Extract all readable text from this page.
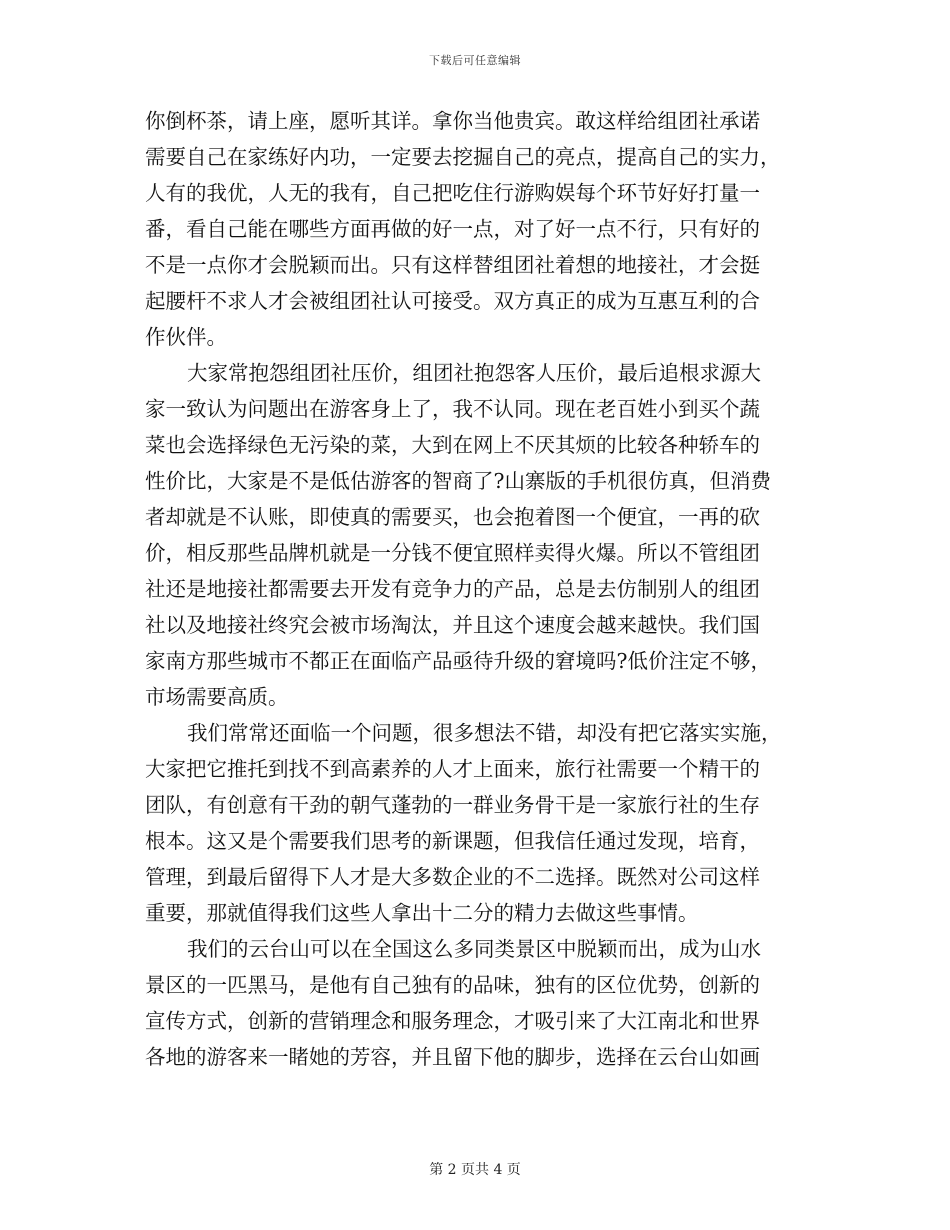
下载后可任意编辑
你倒杯茶，请上座，愿听其详。拿你当他贵宾。敢这样给组团社承诺
需要自己在家练好内功，一定要去挖掘自己的亮点，提高自己的实力，
人有的我优，人无的我有，自己把吃住行游购娱每个环节好好打量一
番，看自己能在哪些方面再做的好一点，对了好一点不行，只有好的
不是一点你才会脱颖而出。只有这样替组团社着想的地接社，才会挺
起腰杆不求人才会被组团社认可接受。双方真正的成为互惠互利的合
作伙伴。
大家常抱怨组团社压价，组团社抱怨客人压价，最后追根求源大
家一致认为问题出在游客身上了，我不认同。现在老百姓小到买个蔬
菜也会选择绿色无污染的菜，大到在网上不厌其烦的比较各种轿车的
性价比，大家是不是低估游客的智商了?山寨版的手机很仿真，但消费
者却就是不认账，即使真的需要买，也会抱着图一个便宜，一再的砍
价，相反那些品牌机就是一分钱不便宜照样卖得火爆。所以不管组团
社还是地接社都需要去开发有竞争力的产品，总是去仿制别人的组团
社以及地接社终究会被市场淘汰，并且这个速度会越来越快。我们国
家南方那些城市不都正在面临产品亟待升级的窘境吗?低价注定不够，
市场需要高质。
我们常常还面临一个问题，很多想法不错，却没有把它落实实施，
大家把它推托到找不到高素养的人才上面来，旅行社需要一个精干的
团队，有创意有干劲的朝气蓬勃的一群业务骨干是一家旅行社的生存
根本。这又是个需要我们思考的新课题，但我信任通过发现，培育，
管理，到最后留得下人才是大多数企业的不二选择。既然对公司这样
重要，那就值得我们这些人拿出十二分的精力去做这些事情。
我们的云台山可以在全国这么多同类景区中脱颖而出，成为山水
景区的一匹黑马，是他有自己独有的品味，独有的区位优势，创新的
宣传方式，创新的营销理念和服务理念，才吸引来了大江南北和世界
各地的游客来一睹她的芳容，并且留下他的脚步，选择在云台山如画
第 2 页共 4 页
